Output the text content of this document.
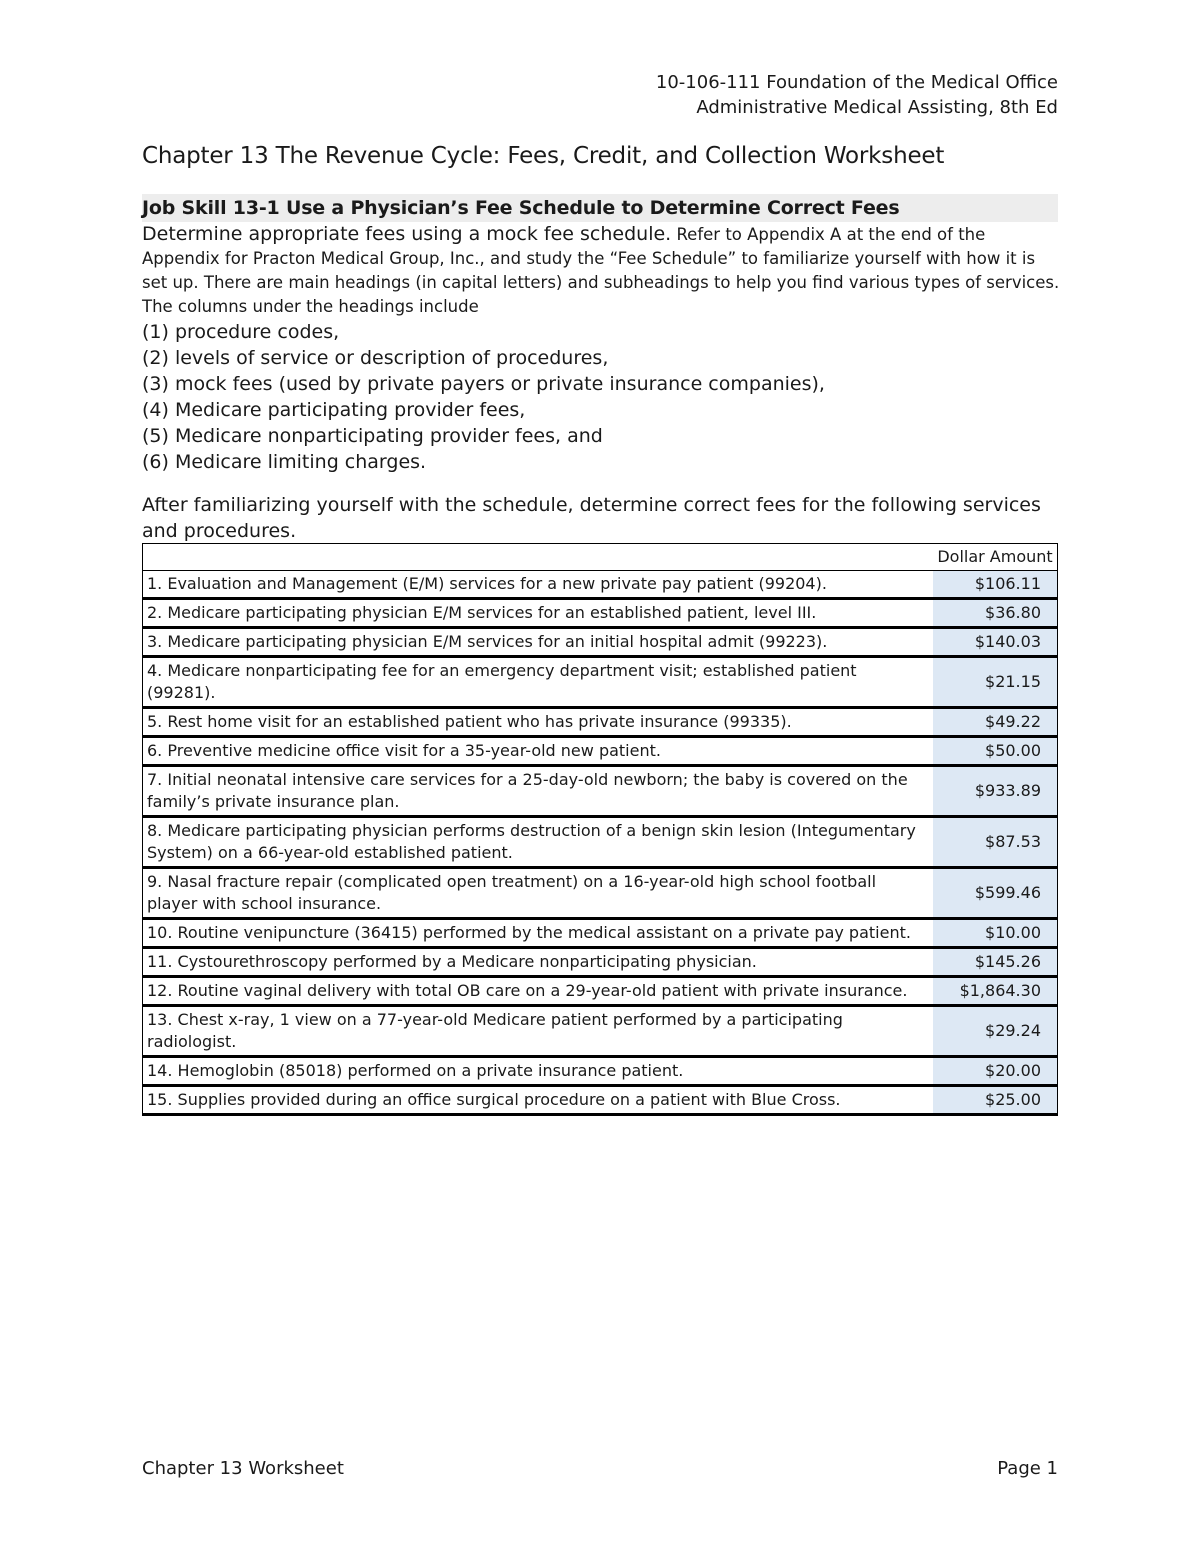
10-106-111 Foundation of the Medical Office
Administrative Medical Assisting, 8th Ed
Chapter 13 The Revenue Cycle: Fees, Credit, and Collection Worksheet
Job Skill 13-1 Use a Physician’s Fee Schedule to Determine Correct Fees

Determine appropriate fees using a mock fee schedule. Refer to Appendix A at the end of the Appendix for Practon Medical Group, Inc., and study the “Fee Schedule” to familiarize yourself with how it is set up. There are main headings (in capital letters) and subheadings to help you find various types of services. The columns under the headings include

(1) procedure codes,
(2) levels of service or description of procedures,
(3) mock fees (used by private payers or private insurance companies),
(4) Medicare participating provider fees,
(5) Medicare nonparticipating provider fees, and
(6) Medicare limiting charges.

After familiarizing yourself with the schedule, determine correct fees for the following services and procedures.

	Dollar Amount
1. Evaluation and Management (E/M) services for a new private pay patient (99204).	$106.11
2. Medicare participating physician E/M services for an established patient, level III.	$36.80
3. Medicare participating physician E/M services for an initial hospital admit (99223).	$140.03
4. Medicare nonparticipating fee for an emergency department visit; established patient (99281).	$21.15
5. Rest home visit for an established patient who has private insurance (99335).	$49.22
6. Preventive medicine office visit for a 35-year-old new patient.	$50.00
7. Initial neonatal intensive care services for a 25-day-old newborn; the baby is covered on the family’s private insurance plan.	$933.89
8. Medicare participating physician performs destruction of a benign skin lesion (Integumentary System) on a 66-year-old established patient.	$87.53
9. Nasal fracture repair (complicated open treatment) on a 16-year-old high school football player with school insurance.	$599.46
10. Routine venipuncture (36415) performed by the medical assistant on a private pay patient.	$10.00
11. Cystourethroscopy performed by a Medicare nonparticipating physician.	$145.26
12. Routine vaginal delivery with total OB care on a 29-year-old patient with private insurance.	$1,864.30
13. Chest x-ray, 1 view on a 77-year-old Medicare patient performed by a participating radiologist.	$29.24
14. Hemoglobin (85018) performed on a private insurance patient.	$20.00
15. Supplies provided during an office surgical procedure on a patient with Blue Cross.	$25.00
Chapter 13 Worksheet	Page 1
